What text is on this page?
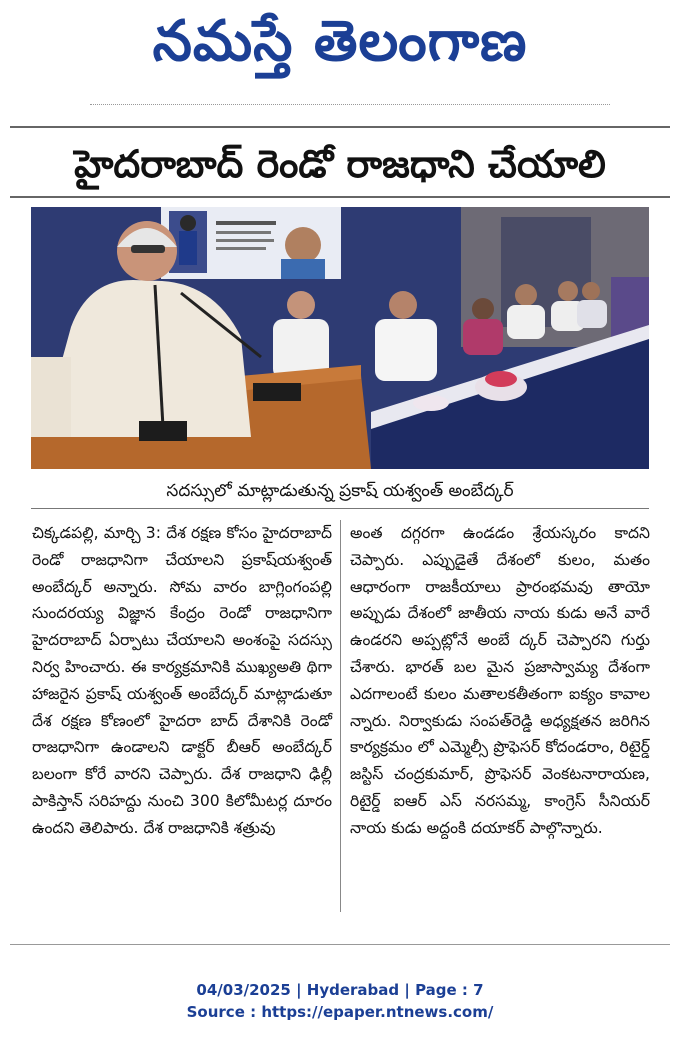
నమస్తే తెలంగాణ
హైదరాబాద్ రెండో రాజధాని చేయాలి
సదస్సులో మాట్లాడుతున్న ప్రకాష్ యశ్వంత్ అంబేద్కర్
చిక్కడపల్లి, మార్చి 3: దేశ రక్షణ కోసం హైదరాబాద్ రెండో రాజధానిగా చేయాలని ప్రకాష్‌యశ్వంత్ అంబేద్కర్ అన్నారు. సోమ వారం బాగ్లింగంపల్లి సుందరయ్య విజ్ఞాన కేంద్రం రెండో రాజధానిగా హైదరాబాద్ ఏర్పాటు చేయాలని అంశంపై సదస్సు నిర్వ హించారు. ఈ కార్యక్రమానికి ముఖ్యఅతి థిగా హాజరైన ప్రకాష్ యశ్వంత్ అంబేద్కర్ మాట్లాడుతూ దేశ రక్షణ కోణంలో హైదరా బాద్ దేశానికి రెండో రాజధానిగా ఉండాలని డాక్టర్ బీఆర్ అంబేద్కర్ బలంగా కోరే వారని చెప్పారు. దేశ రాజధాని ఢిల్లీ పాకిస్తాన్ సరిహద్దు నుంచి 300 కిలోమీటర్ల దూరం ఉందని తెలిపారు. దేశ రాజధానికి శత్రువు
అంత దగ్గరగా ఉండడం శ్రేయస్కరం కాదని చెప్పారు. ఎప్పుడైతే దేశంలో కులం, మతం ఆధారంగా రాజకీయాలు ప్రారంభమవు తాయో అప్పుడు దేశంలో జాతీయ నాయ కుడు అనే వారే ఉండరని అప్పట్లోనే అంబే ద్కర్ చెప్పారని గుర్తు చేశారు. భారత్ బల మైన ప్రజాస్వామ్య దేశంగా ఎదగాలంటే కులం మతాలకతీతంగా ఐక్యం కావాల న్నారు. నిర్వాకుడు సంపత్‌రెడ్డి అధ్యక్షతన జరిగిన కార్యక్రమం లో ఎమ్మెల్సీ ప్రొఫెసర్ కోదండరాం, రిటైర్డ్ జస్టిస్ చంద్రకుమార్, ప్రొఫెసర్ వెంకటనారాయణ, రిటైర్డ్ ఐఆర్ ఎస్ నరసమ్మ, కాంగ్రెస్ సీనియర్ నాయ కుడు అద్దంకి దయాకర్ పాల్గొన్నారు.
04/03/2025 | Hyderabad | Page : 7
Source : https://epaper.ntnews.com/
